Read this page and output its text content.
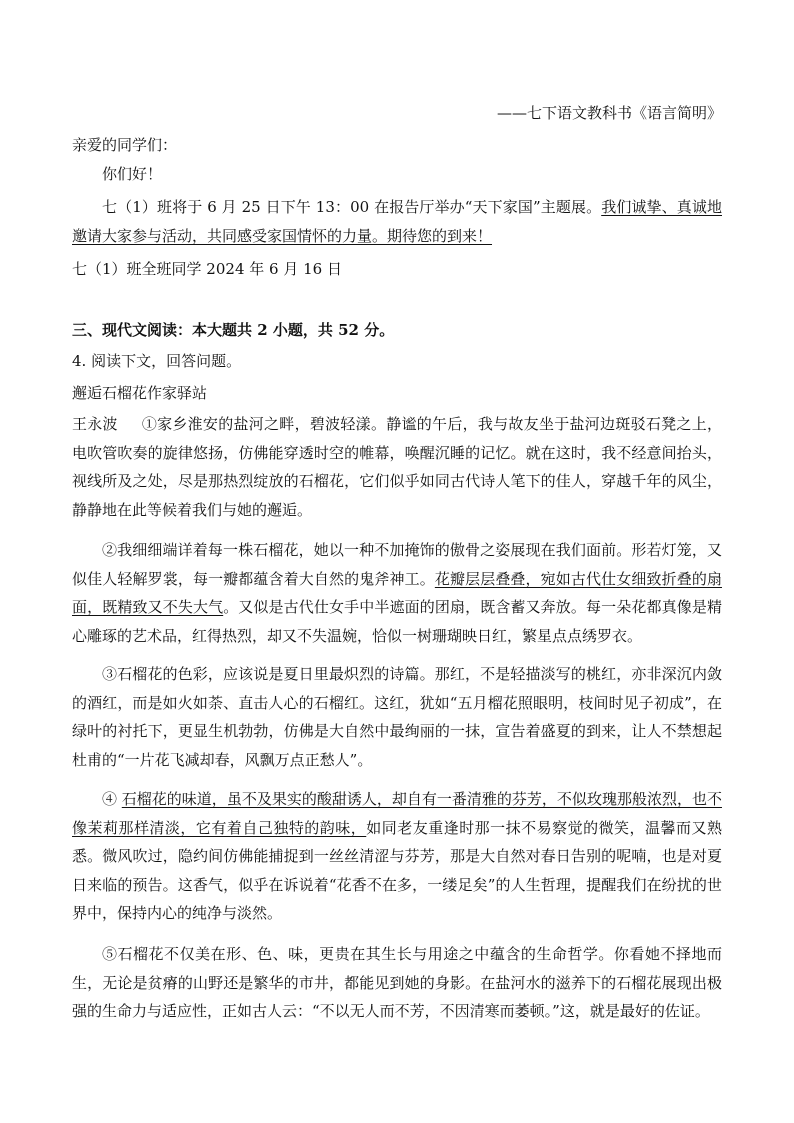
——七下语文教科书《语言简明》
亲爱的同学们：
你们好！
七（1）班将于 6 月 25 日下午 13：00 在报告厅举办“天下家国”主题展。我们诚挚、真诚地邀请大家参与活动，共同感受家国情怀的力量。期待您的到来！
七（1）班全班同学 2024 年 6 月 16 日
三、现代文阅读：本大题共 2 小题，共 52 分。
4. 阅读下文，回答问题。
邂逅石榴花作家驿站
王永波 ①家乡淮安的盐河之畔，碧波轻漾。静谧的午后，我与故友坐于盐河边斑驳石凳之上，电吹管吹奏的旋律悠扬，仿佛能穿透时空的帷幕，唤醒沉睡的记忆。就在这时，我不经意间抬头，视线所及之处，尽是那热烈绽放的石榴花，它们似乎如同古代诗人笔下的佳人，穿越千年的风尘，静静地在此等候着我们与她的邂逅。
②我细细端详着每一株石榴花，她以一种不加掩饰的傲骨之姿展现在我们面前。形若灯笼，又似佳人轻解罗裳，每一瓣都蕴含着大自然的鬼斧神工。花瓣层层叠叠，宛如古代仕女细致折叠的扇面，既精致又不失大气。又似是古代仕女手中半遮面的团扇，既含蓄又奔放。每一朵花都真像是精心雕琢的艺术品，红得热烈，却又不失温婉，恰似一树珊瑚映日红，繁星点点绣罗衣。
③石榴花的色彩，应该说是夏日里最炽烈的诗篇。那红，不是轻描淡写的桃红，亦非深沉内敛的酒红，而是如火如荼、直击人心的石榴红。这红，犹如“五月榴花照眼明，枝间时见子初成”，在绿叶的衬托下，更显生机勃勃，仿佛是大自然中最绚丽的一抹，宣告着盛夏的到来，让人不禁想起杜甫的“一片花飞减却春，风飘万点正愁人”。
④ 石榴花的味道，虽不及果实的酸甜诱人，却自有一番清雅的芬芳，不似玫瑰那般浓烈，也不像茉莉那样清淡，它有着自己独特的韵味，如同老友重逢时那一抹不易察觉的微笑，温馨而又熟悉。微风吹过，隐约间仿佛能捕捉到一丝丝清涩与芬芳，那是大自然对春日告别的呢喃，也是对夏日来临的预告。这香气，似乎在诉说着“花香不在多，一缕足矣”的人生哲理，提醒我们在纷扰的世界中，保持内心的纯净与淡然。
⑤石榴花不仅美在形、色、味，更贵在其生长与用途之中蕴含的生命哲学。你看她不择地而生，无论是贫瘠的山野还是繁华的市井，都能见到她的身影。在盐河水的滋养下的石榴花展现出极强的生命力与适应性，正如古人云：“不以无人而不芳，不因清寒而萎顿。”这，就是最好的佐证。
